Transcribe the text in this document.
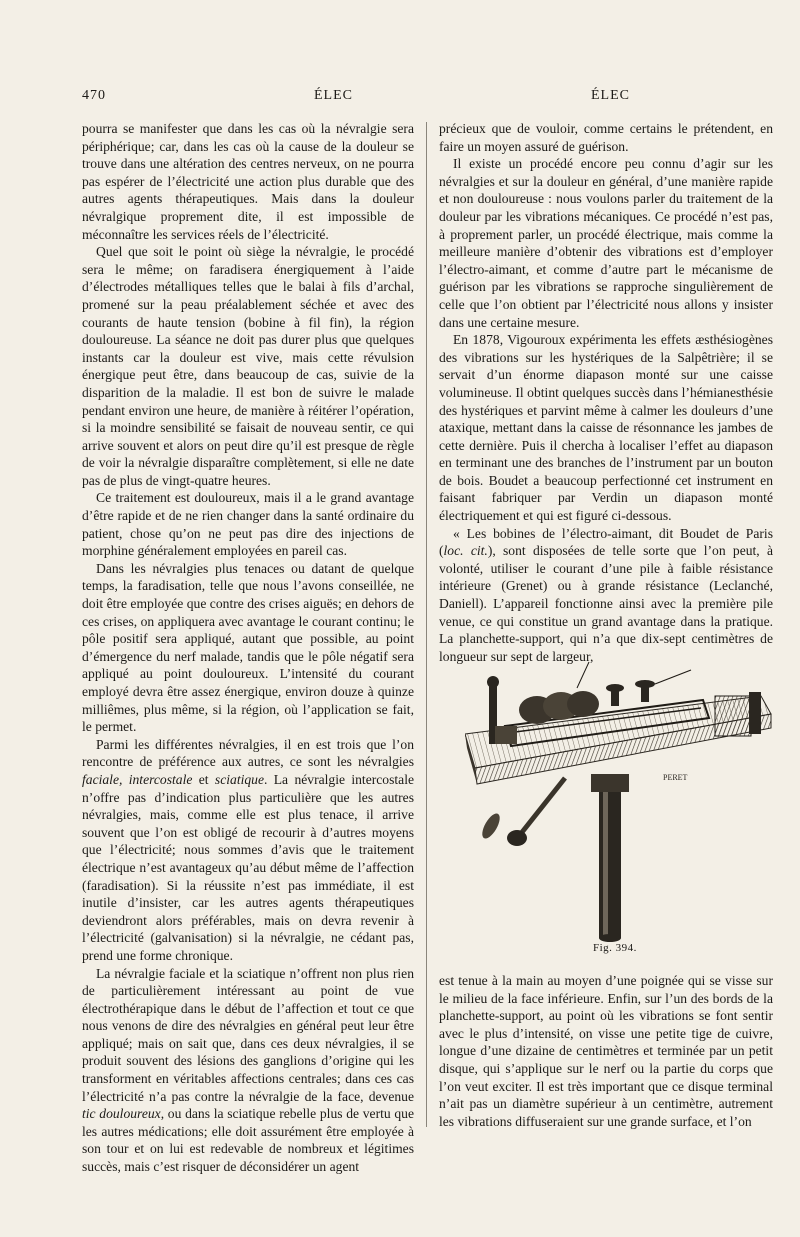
470	ÉLEC	ÉLEC

pourra se manifester que dans les cas où la névralgie sera périphérique; car, dans les cas où la cause de la douleur se trouve dans une altération des centres nerveux, on ne pourra pas espérer de l’électricité une action plus durable que des autres agents thérapeutiques. Mais dans la douleur névralgique proprement dite, il est impossible de méconnaître les services réels de l’électricité.

Quel que soit le point où siège la névralgie, le procédé sera le même; on faradisera énergiquement à l’aide d’électrodes métalliques telles que le balai à fils d’archal, promené sur la peau préalablement séchée et avec des courants de haute tension (bobine à fil fin), la région douloureuse. La séance ne doit pas durer plus que quelques instants car la douleur est vive, mais cette révulsion énergique peut être, dans beaucoup de cas, suivie de la disparition de la maladie. Il est bon de suivre le malade pendant environ une heure, de manière à réitérer l’opération, si la moindre sensibilité se faisait de nouveau sentir, ce qui arrive souvent et alors on peut dire qu’il est presque de règle de voir la névralgie disparaître complètement, si elle ne date pas de plus de vingt-quatre heures.

Ce traitement est douloureux, mais il a le grand avantage d’être rapide et de ne rien changer dans la santé ordinaire du patient, chose qu’on ne peut pas dire des injections de morphine généralement employées en pareil cas.

Dans les névralgies plus tenaces ou datant de quelque temps, la faradisation, telle que nous l’avons conseillée, ne doit être employée que contre des crises aiguës; en dehors de ces crises, on appliquera avec avantage le courant continu; le pôle positif sera appliqué, autant que possible, au point d’émergence du nerf malade, tandis que le pôle négatif sera appliqué au point douloureux. L’intensité du courant employé devra être assez énergique, environ douze à quinze milliêmes, plus même, si la région, où l’application se fait, le permet.

Parmi les différentes névralgies, il en est trois que l’on rencontre de préférence aux autres, ce sont les névralgies faciale, intercostale et sciatique. La névralgie intercostale n’offre pas d’indication plus particulière que les autres névralgies, mais, comme elle est plus tenace, il arrive souvent que l’on est obligé de recourir à d’autres moyens que l’électricité; nous sommes d’avis que le traitement électrique n’est avantageux qu’au début même de l’affection (faradisation). Si la réussite n’est pas immédiate, il est inutile d’insister, car les autres agents thérapeutiques deviendront alors préférables, mais on devra revenir à l’électricité (galvanisation) si la névralgie, ne cédant pas, prend une forme chronique.

La névralgie faciale et la sciatique n’offrent non plus rien de particulièrement intéressant au point de vue électrothérapique dans le début de l’affection et tout ce que nous venons de dire des névralgies en général peut leur être appliqué; mais on sait que, dans ces deux névralgies, il se produit souvent des lésions des ganglions d’origine qui les transforment en véritables affections centrales; dans ces cas l’électricité n’a pas contre la névralgie de la face, devenue tic douloureux, ou dans la sciatique rebelle plus de vertu que les autres médications; elle doit assurément être employée à son tour et on lui est redevable de nombreux et légitimes succès, mais c’est risquer de déconsidérer un agent

précieux que de vouloir, comme certains le prétendent, en faire un moyen assuré de guérison.

Il existe un procédé encore peu connu d’agir sur les névralgies et sur la douleur en général, d’une manière rapide et non douloureuse : nous voulons parler du traitement de la douleur par les vibrations mécaniques. Ce procédé n’est pas, à proprement parler, un procédé électrique, mais comme la meilleure manière d’obtenir des vibrations est d’employer l’électro-aimant, et comme d’autre part le mécanisme de guérison par les vibrations se rapproche singulièrement de celle que l’on obtient par l’électricité nous allons y insister dans une certaine mesure.

En 1878, Vigouroux expérimenta les effets æsthésiogènes des vibrations sur les hystériques de la Salpêtrière; il se servait d’un énorme diapason monté sur une caisse volumineuse. Il obtint quelques succès dans l’hémianesthésie des hystériques et parvint même à calmer les douleurs d’une ataxique, mettant dans la caisse de résonnance les jambes de cette dernière. Puis il chercha à localiser l’effet au diapason en terminant une des branches de l’instrument par un bouton de bois. Boudet a beaucoup perfectionné cet instrument en faisant fabriquer par Verdin un diapason monté électriquement et qui est figuré ci-dessous.

« Les bobines de l’électro-aimant, dit Boudet de Paris (loc. cit.), sont disposées de telle sorte que l’on peut, à volonté, utiliser le courant d’une pile à faible résistance intérieure (Grenet) ou à grande résistance (Leclanché, Daniell). L’appareil fonctionne ainsi avec la première pile venue, ce qui constitue un grand avantage dans la pratique. La planchette-support, qui n’a que dix-sept centimètres de longueur sur sept de largeur,

PERET
Fig. 394.

est tenue à la main au moyen d’une poignée qui se visse sur le milieu de la face inférieure. Enfin, sur l’un des bords de la planchette-support, au point où les vibrations se font sentir avec le plus d’intensité, on visse une petite tige de cuivre, longue d’une dizaine de centimètres et terminée par un petit disque, qui s’applique sur le nerf ou la partie du corps que l’on veut exciter. Il est très important que ce disque terminal n’ait pas un diamètre supérieur à un centimètre, autrement les vibrations diffuseraient sur une grande surface, et l’on
